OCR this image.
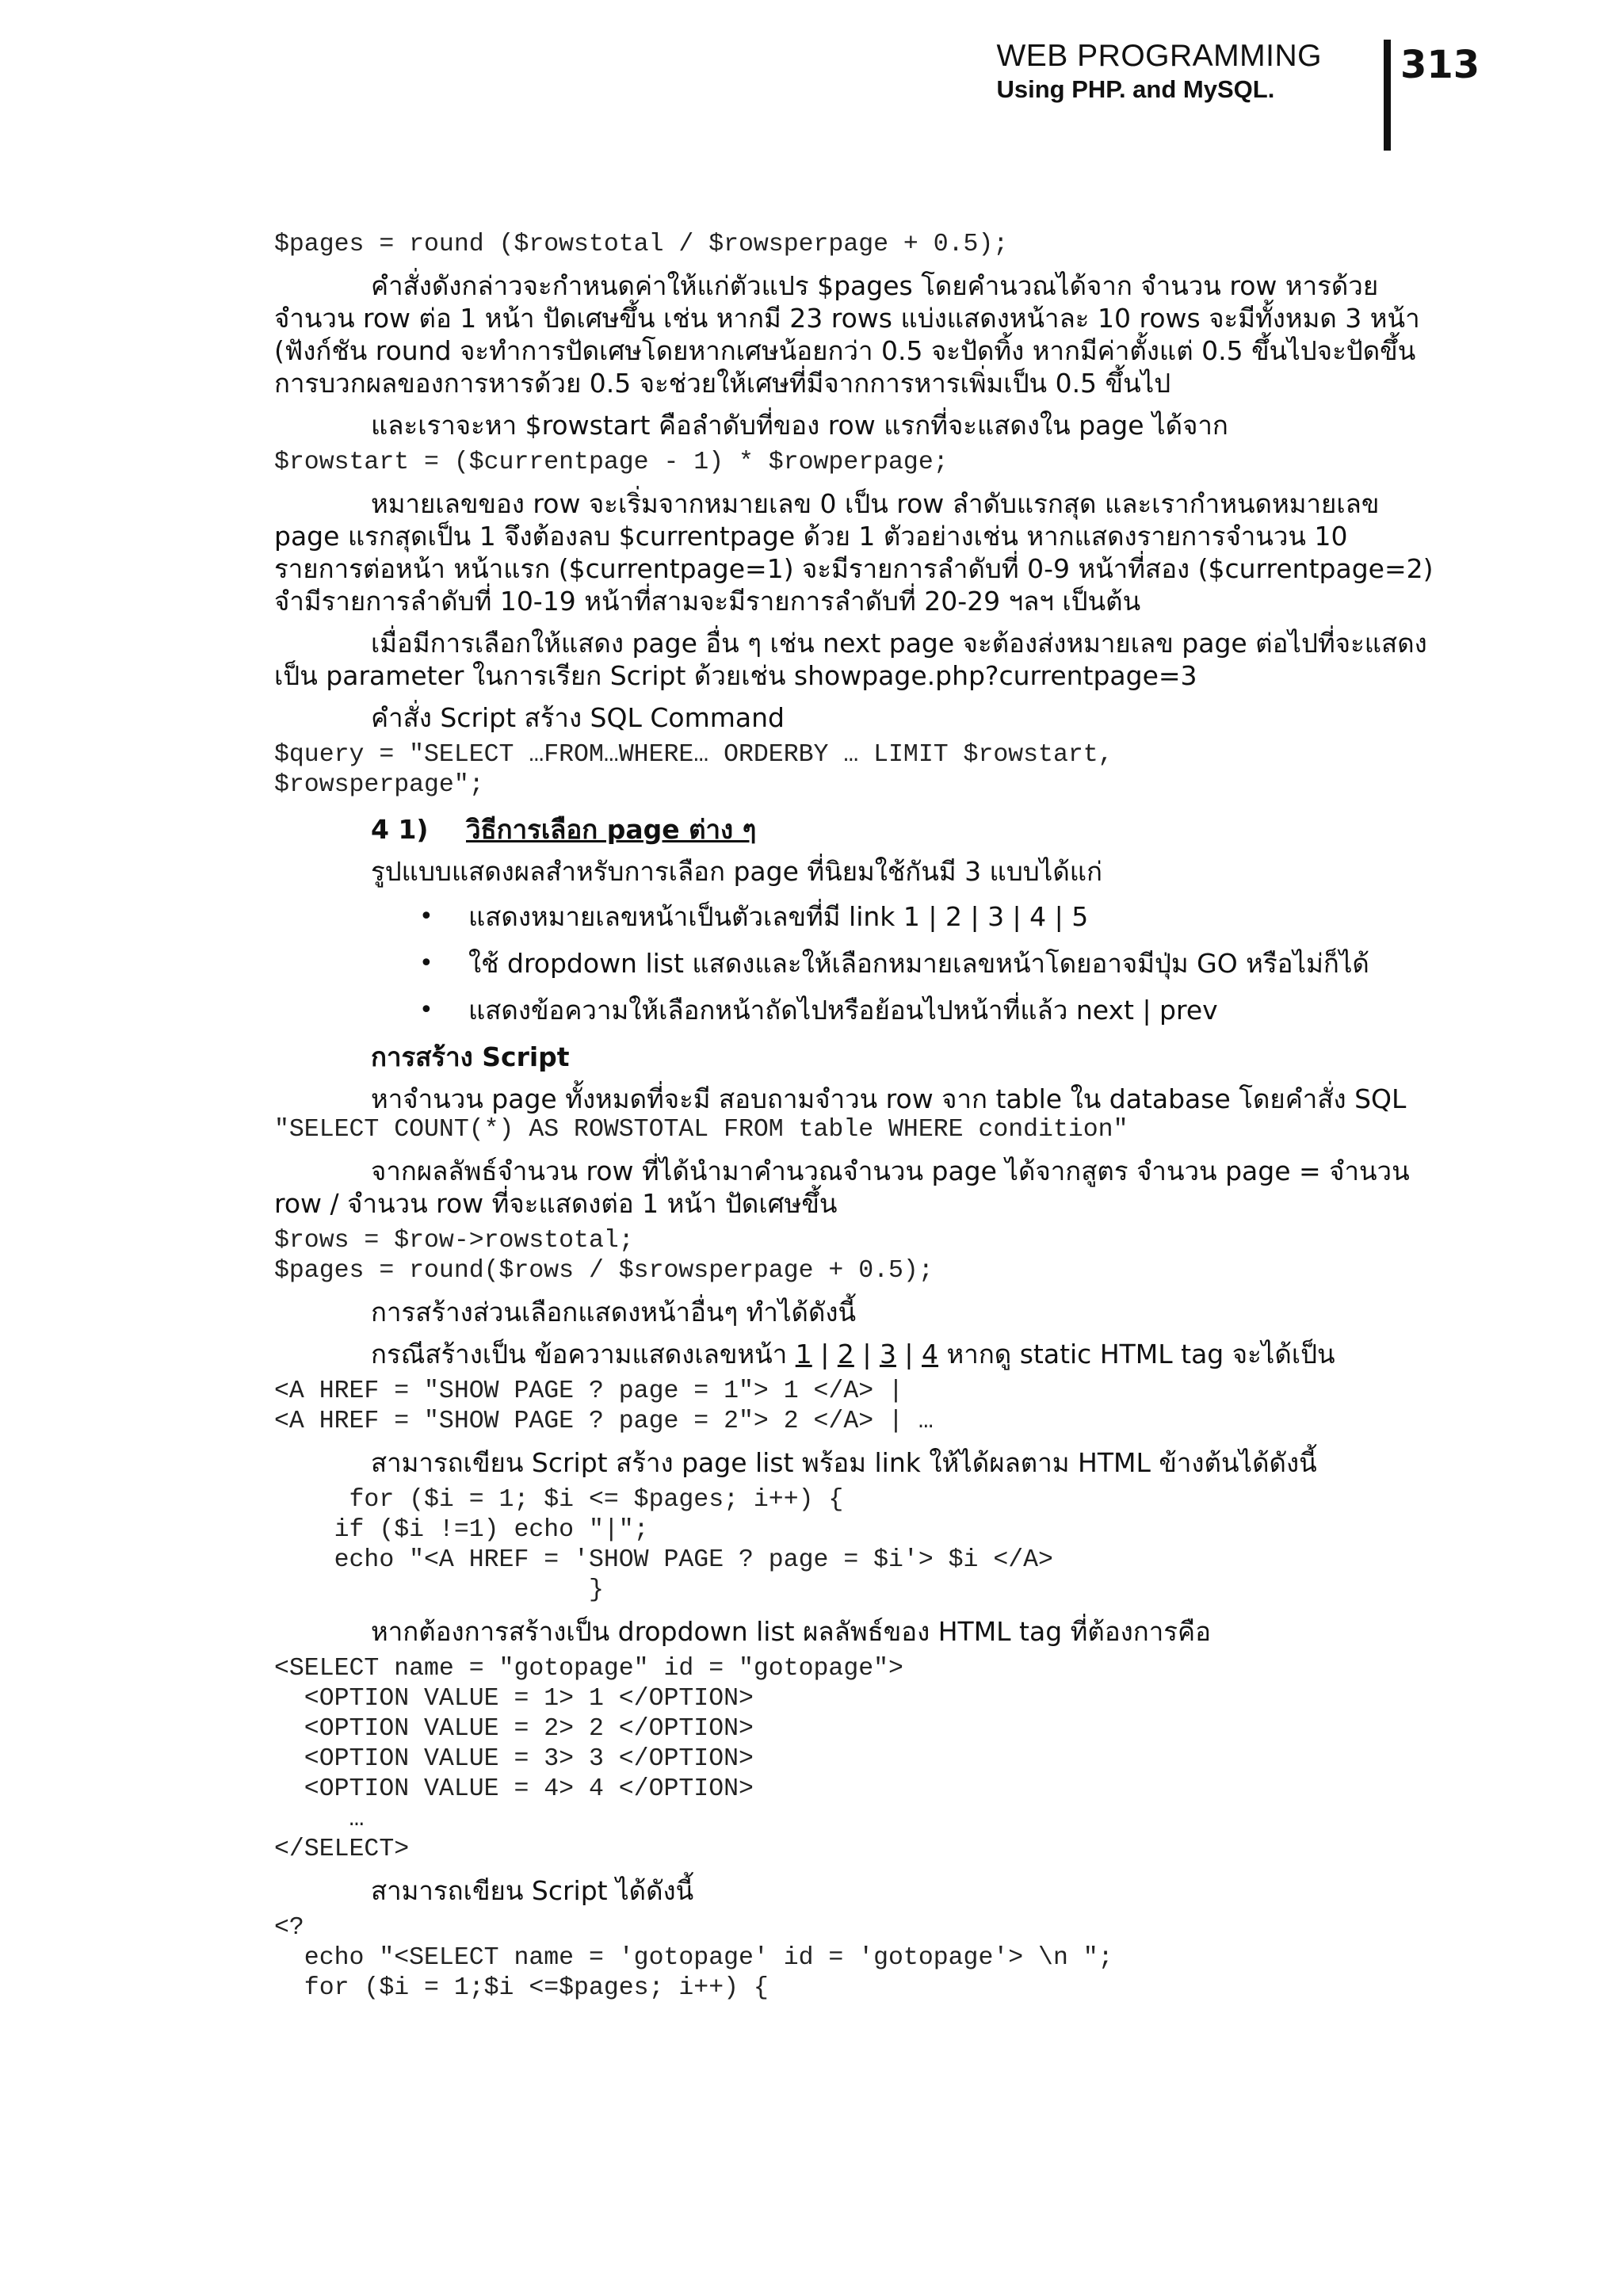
WEB PROGRAMMING
Using PHP. and MySQL.
313
$pages = round ($rowstotal / $rowsperpage + 0.5);

คำสั่งดังกล่าวจะกำหนดค่าให้แก่ตัวแปร $pages โดยคำนวณได้จาก จำนวน row หารด้วยจำนวน row ต่อ 1 หน้า ปัดเศษขึ้น เช่น หากมี 23 rows แบ่งแสดงหน้าละ 10 rows จะมีทั้งหมด 3 หน้า (ฟังก์ชัน round จะทำการปัดเศษโดยหากเศษน้อยกว่า 0.5 จะปัดทิ้ง หากมีค่าตั้งแต่ 0.5 ขึ้นไปจะปัดขึ้น การบวกผลของการหารด้วย 0.5 จะช่วยให้เศษที่มีจากการหารเพิ่มเป็น 0.5 ขึ้นไป

และเราจะหา $rowstart คือลำดับที่ของ row แรกที่จะแสดงใน page ได้จาก

$rowstart = ($currentpage - 1) * $rowperpage;

หมายเลขของ row จะเริ่มจากหมายเลข 0 เป็น row ลำดับแรกสุด และเรากำหนดหมายเลข page แรกสุดเป็น 1 จึงต้องลบ $currentpage ด้วย 1 ตัวอย่างเช่น หากแสดงรายการจำนวน 10 รายการต่อหน้า หน้าแรก ($currentpage=1) จะมีรายการลำดับที่ 0-9 หน้าที่สอง ($currentpage=2) จำมีรายการลำดับที่ 10-19 หน้าที่สามจะมีรายการลำดับที่ 20-29 ฯลฯ เป็นต้น

เมื่อมีการเลือกให้แสดง page อื่น ๆ เช่น next page จะต้องส่งหมายเลข page ต่อไปที่จะแสดงเป็น parameter ในการเรียก Script ด้วยเช่น showpage.php?currentpage=3

คำสั่ง Script สร้าง SQL Command

$query = "SELECT …FROM…WHERE… ORDERBY … LIMIT $rowstart,
$rowsperpage";
4 1) วิธีการเลือก page ต่าง ๆ

รูปแบบแสดงผลสำหรับการเลือก page ที่นิยมใช้กันมี 3 แบบได้แก่

• แสดงหมายเลขหน้าเป็นตัวเลขที่มี link 1 | 2 | 3 | 4 | 5
• ใช้ dropdown list แสดงและให้เลือกหมายเลขหน้าโดยอาจมีปุ่ม GO หรือไม่ก็ได้
• แสดงข้อความให้เลือกหน้าถัดไปหรือย้อนไปหน้าที่แล้ว next | prev
การสร้าง Script

หาจำนวน page ทั้งหมดที่จะมี สอบถามจำวน row จาก table ใน database โดยคำสั่ง SQL

"SELECT COUNT(*) AS ROWSTOTAL FROM table WHERE condition"

จากผลลัพธ์จำนวน row ที่ได้นำมาคำนวณจำนวน page ได้จากสูตร จำนวน page = จำนวน row / จำนวน row ที่จะแสดงต่อ 1 หน้า ปัดเศษขึ้น

$rows = $row->rowstotal;
$pages = round($rows / $srowsperpage + 0.5);

การสร้างส่วนเลือกแสดงหน้าอื่นๆ ทำได้ดังนี้

กรณีสร้างเป็น ข้อความแสดงเลขหน้า 1 | 2 | 3 | 4 หากดู static HTML tag จะได้เป็น

<A HREF = "SHOW PAGE ? page = 1"> 1 </A> |
<A HREF = "SHOW PAGE ? page = 2"> 2 </A> | …

สามารถเขียน Script สร้าง page list พร้อม link ให้ได้ผลตาม HTML ข้างต้นได้ดังนี้

for ($i = 1; $i <= $pages; i++) {
if ($i !=1) echo "|";
echo "<A HREF = 'SHOW PAGE ? page = $i'> $i </A>
}

หากต้องการสร้างเป็น dropdown list ผลลัพธ์ของ HTML tag ที่ต้องการคือ

<SELECT name = "gotopage" id = "gotopage">
<OPTION VALUE = 1> 1 </OPTION>
<OPTION VALUE = 2> 2 </OPTION>
<OPTION VALUE = 3> 3 </OPTION>
<OPTION VALUE = 4> 4 </OPTION>
…
</SELECT>

สามารถเขียน Script ได้ดังนี้

<?
echo "<SELECT name = 'gotopage' id = 'gotopage'> \n ";
for ($i = 1;$i <=$pages; i++) {
